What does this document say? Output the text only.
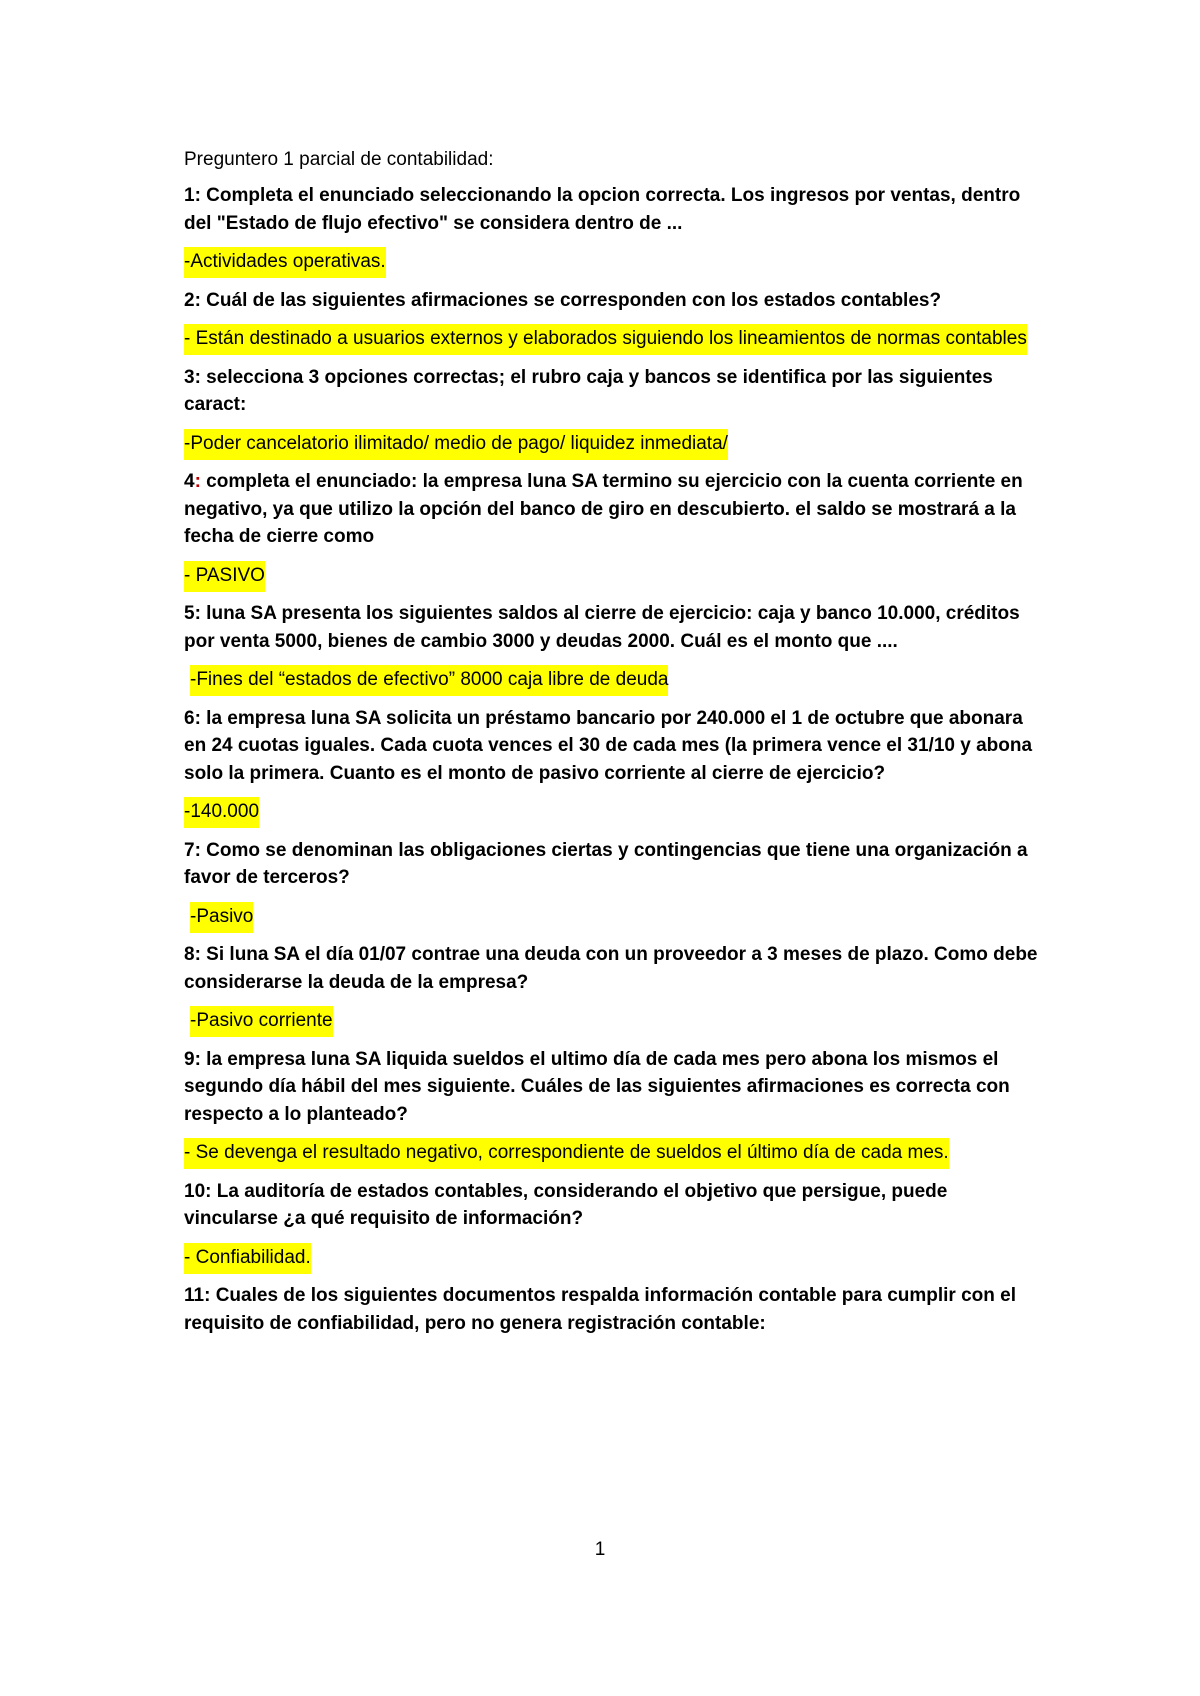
Preguntero 1 parcial de contabilidad:

1: Completa el enunciado seleccionando la opcion correcta. Los ingresos por ventas, dentro del "Estado de flujo efectivo" se considera dentro de ...

-Actividades operativas.

2: Cuál de las siguientes afirmaciones se corresponden con los estados contables?

- Están destinado a usuarios externos y elaborados siguiendo los lineamientos de normas contables

3: selecciona 3 opciones correctas; el rubro caja y bancos se identifica por las siguientes caract:

-Poder cancelatorio ilimitado/ medio de pago/ liquidez inmediata/

4: completa el enunciado: la empresa luna SA termino su ejercicio con la cuenta corriente en negativo, ya que utilizo la opción del banco de giro en descubierto. el saldo se mostrará a la fecha de cierre como

- PASIVO

5: luna SA presenta los siguientes saldos al cierre de ejercicio: caja y banco 10.000, créditos por venta 5000, bienes de cambio 3000 y deudas 2000. Cuál es el monto que ....

-Fines del “estados de efectivo” 8000 caja libre de deuda

6: la empresa luna SA solicita un préstamo bancario por 240.000 el 1 de octubre que abonara en 24 cuotas iguales. Cada cuota vences el 30 de cada mes (la primera vence el 31/10 y abona solo la primera. Cuanto es el monto de pasivo corriente al cierre de ejercicio?

-140.000

7: Como se denominan las obligaciones ciertas y contingencias que tiene una organización a favor de terceros?

-Pasivo

8: Si luna SA el día 01/07 contrae una deuda con un proveedor a 3 meses de plazo. Como debe considerarse la deuda de la empresa?

-Pasivo corriente

9: la empresa luna SA liquida sueldos el ultimo día de cada mes pero abona los mismos el segundo día hábil del mes siguiente. Cuáles de las siguientes afirmaciones es correcta con respecto a lo planteado?

- Se devenga el resultado negativo, correspondiente de sueldos el último día de cada mes.

10: La auditoría de estados contables, considerando el objetivo que persigue, puede vincularse ¿a qué requisito de información?

- Confiabilidad.

11: Cuales de los siguientes documentos respalda información contable para cumplir con el requisito de confiabilidad, pero no genera registración contable:

1
